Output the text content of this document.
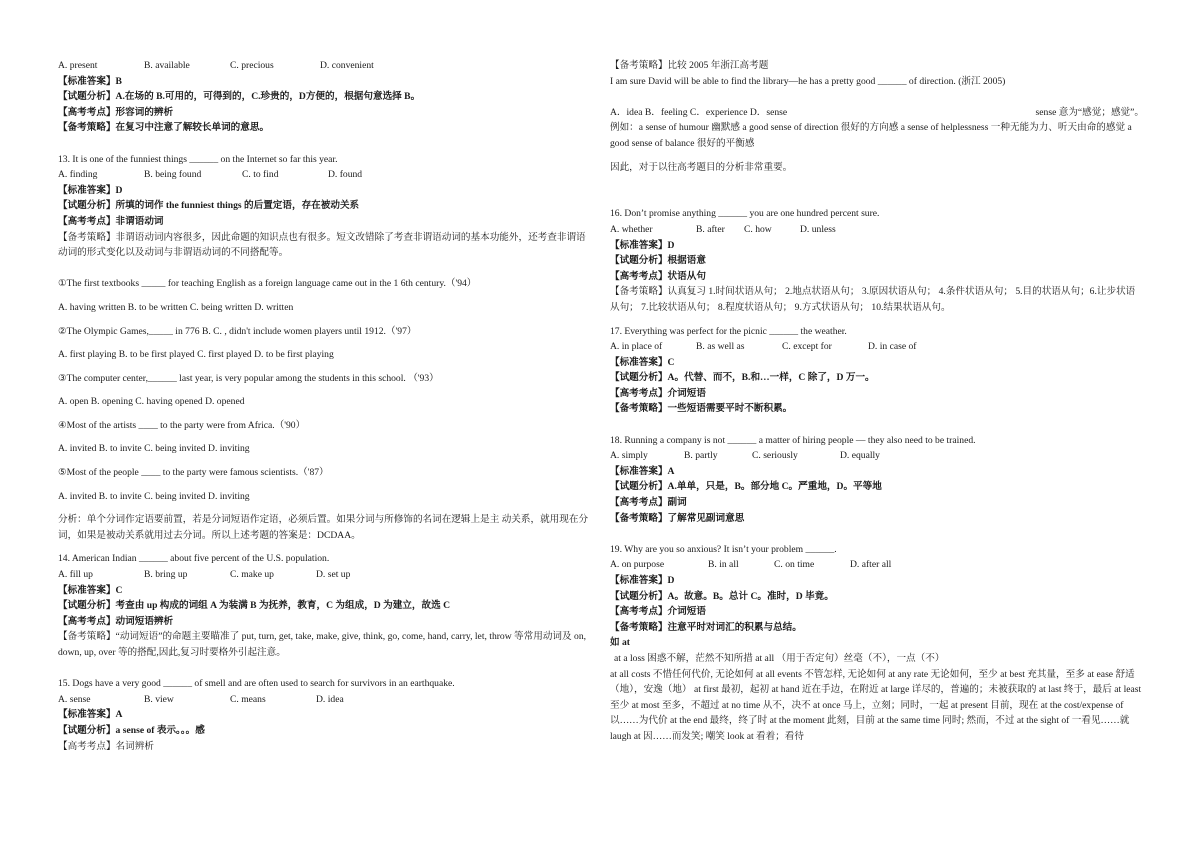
A. present	B. available	C. precious	D. convenient
【标准答案】B
【试题分析】A.在场的 B.可用的，可得到的，C.珍贵的，D方便的，根据句意选择 B。
【高考考点】形容词的辨析
【备考策略】在复习中注意了解较长单词的意思。
13. It is one of the funniest things ______ on the Internet so far this year.
A. finding	B. being found	C. to find	D. found
【标准答案】D
【试题分析】所填的词作 the funniest things 的后置定语，存在被动关系
【高考考点】非谓语动词
【备考策略】非谓语动词内容很多，因此命题的知识点也有很多。短文改错除了考查非谓语动词的基本功能外，还考查非谓语动词的形式变化以及动词与非谓语动词的不同搭配等。
①The first textbooks _____ for teaching English as a foreign language came out in the 1 6th century.（'94）
A. having written B. to be written C. being written D. written
②The Olympic Games,_____ in 776 B. C. , didn't include women players until 1912.（'97）
A. first playing B. to be first played C. first played D. to be first playing
③The computer center,______ last year, is very popular among the students in this school. （'93）
A. open B. opening C. having opened D. opened
④Most of the artists ____ to the party were from Africa.（'90）
A. invited B. to invite C. being invited D. inviting
⑤Most of the people ____ to the party were famous scientists.（'87）
A. invited B. to invite C. being invited D. inviting
分析：单个分词作定语要前置，若是分词短语作定语，必须后置。如果分词与所修饰的名词在逻辑上是主 动关系，就用现在分词，如果是被动关系就用过去分词。所以上述考题的答案是：DCDAA。
14. American Indian ______ about five percent of the U.S. population.
A. fill up	B. bring up	C. make up	D. set up
【标准答案】C
【试题分析】考查由 up 构成的词组 A 为装满 B 为抚养，教育，C 为组成，D 为建立，故选 C
【高考考点】动词短语辨析
【备考策略】“动词短语”的命题主要瞄准了 put, turn, get, take, make, give, think, go, come, hand, carry, let, throw 等常用动词及 on, down, up, over 等的搭配,因此,复习时要格外引起注意。
15. Dogs have a very good ______ of smell and are often used to search for survivors in an earthquake.
A. sense	B. view	C. means	D. idea
【标准答案】A
【试题分析】a sense of 表示。。。感
【高考考点】名词辨析
【备考策略】比较 2005 年浙江高考题
I am sure David will be able to find the library—he has a pretty good ______ of direction. (浙江 2005)
A．idea B．feeling C．experience D．sense	sense 意为“感觉；感觉”。
例如：a sense of humour 幽默感 a good sense of direction 很好的方向感 a sense of helplessness 一种无能为力、听天由命的感觉 a good sense of balance 很好的平衡感
因此，对于以往高考题目的分析非常重要。
16. Don’t promise anything ______ you are one hundred percent sure.
A. whether	B. after C. how	D. unless
【标准答案】D
【试题分析】根据语意
【高考考点】状语从句
【备考策略】认真复习 1.时间状语从句； 2.地点状语从句； 3.原因状语从句； 4.条件状语从句； 5.目的状语从句；6.让步状语从句； 7.比较状语从句； 8.程度状语从句； 9.方式状语从句； 10.结果状语从句。
17. Everything was perfect for the picnic ______ the weather.
A. in place of	B. as well as	C. except for	D. in case of
【标准答案】C
【试题分析】A。代替、而不，B.和…一样，C 除了，D 万一。
【高考考点】介词短语
【备考策略】一些短语需要平时不断积累。
18. Running a company is not ______ a matter of hiring people — they also need to be trained.
A. simply	B. partly	C. seriously	D. equally
【标准答案】A
【试题分析】A.单单，只是，B。部分地 C。严重地，D。平等地
【高考考点】副词
【备考策略】了解常见副词意思
19. Why are you so anxious? It isn’t your problem ______.
A. on purpose	B. in all	C. on time	D. after all
【标准答案】D
【试题分析】A。故意。B。总计 C。准时，D 毕竟。
【高考考点】介词短语
【备考策略】注意平时对词汇的积累与总结。
如 at
at a loss 困惑不解，茫然不知所措 at all （用于否定句）丝毫（不），一点（不）
at all costs 不惜任何代价, 无论如何 at all events 不管怎样, 无论如何 at any rate 无论如何，至少 at best 充其量，至多 at ease 舒适（地），安逸（地） at first 最初，起初 at hand 近在手边，在附近 at large 详尽的，普遍的；未被获取的 at last 终于，最后 at least 至少 at most 至多，不超过 at no time 从不，决不 at once 马上，立刻；同时，一起 at present 目前，现在 at the cost/expense of 以……为代价 at the end 最终，终了时 at the moment 此刻，目前 at the same time 同时; 然而，不过 at the sight of 一看见……就 laugh at 因……而发笑; 嘲笑 look at 看着；看待
